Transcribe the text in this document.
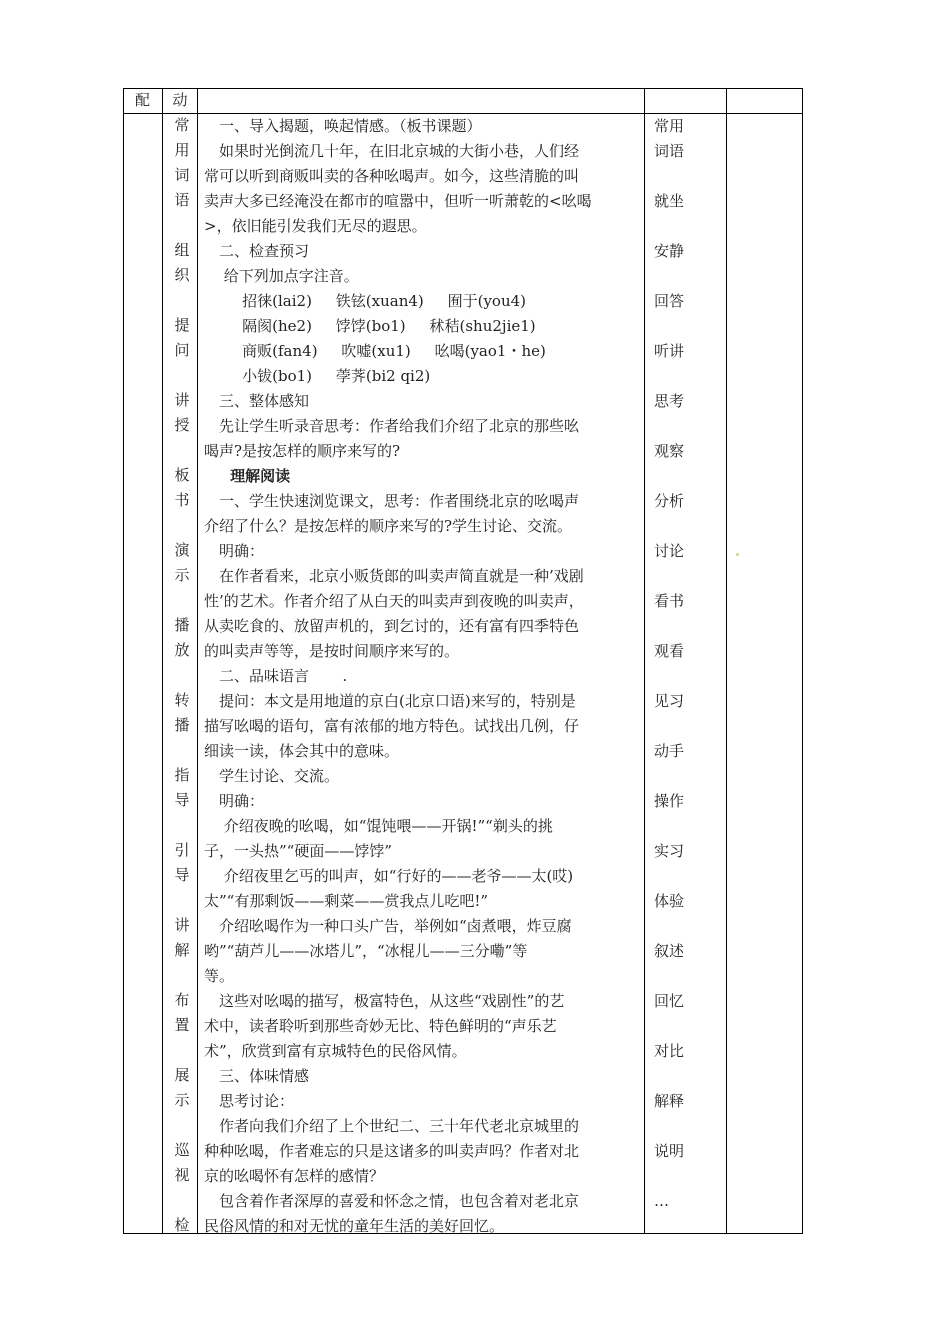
配	动
常
用
词
语
组
织
提
问
讲
授
板
书
演
示
播
放
转
播
指
导
引
导
讲
解
布
置
展
示
巡
视
检

一、导入揭题，唤起情感。（板书课题）

如果时光倒流几十年，在旧北京城的大街小巷，人们经

常可以听到商贩叫卖的各种吆喝声。如今，这些清脆的叫

卖声大多已经淹没在都市的喧嚣中，但听一听萧乾的<吆喝

>，依旧能引发我们无尽的遐思。

二、检查预习

给下列加点字注音。

招徕(lai2)     铁铉(xuan4)     囿于(you4)

隔阂(he2)     饽饽(bo1)     秫秸(shu2jie1)

商贩(fan4)     吹嘘(xu1)     吆喝(yao1・he)

小钹(bo1)     荸荠(bi2 qi2)

三、整体感知

先让学生听录音思考：作者给我们介绍了北京的那些吆

喝声?是按怎样的顺序来写的?

理解阅读

一、学生快速浏览课文，思考：作者围绕北京的吆喝声

介绍了什么？是按怎样的顺序来写的?学生讨论、交流。

明确：

在作者看来，北京小贩货郎的叫卖声简直就是一种’戏剧

性’的艺术。作者介绍了从白天的叫卖声到夜晚的叫卖声，

从卖吃食的、放留声机的，到乞讨的，还有富有四季特色

的叫卖声等等，是按时间顺序来写的。

二、品味语言       .

提问：本文是用地道的京白(北京口语)来写的，特别是

描写吆喝的语句，富有浓郁的地方特色。试找出几例，仔

细读一读，体会其中的意味。

学生讨论、交流。

明确：

介绍夜晚的吆喝，如“馄饨喂——开锅!”“剃头的挑

子，一头热”“硬面——饽饽”

介绍夜里乞丐的叫声，如“行好的——老爷——太(哎)

太”“有那剩饭——剩菜——赏我点儿吃吧!”

介绍吆喝作为一种口头广告，举例如“卤煮喂，炸豆腐

哟”“葫芦儿——冰塔儿”，“冰棍儿——三分嘞”等

等。

这些对吆喝的描写，极富特色，从这些“戏剧性”的艺

术中，读者聆听到那些奇妙无比、特色鲜明的“声乐艺

术”，欣赏到富有京城特色的民俗风情。

三、体味情感

思考讨论：

作者向我们介绍了上个世纪二、三十年代老北京城里的

种种吆喝，作者难忘的只是这诸多的叫卖声吗？作者对北

京的吆喝怀有怎样的感情？

包含着作者深厚的喜爱和怀念之情，也包含着对老北京

民俗风情的和对无忧的童年生活的美好回忆。

常用
词语
就坐
安静
回答
听讲
思考
观察
分析
讨论
看书
观看
见习
动手
操作
实习
体验
叙述
回忆
对比
解释
说明
…
